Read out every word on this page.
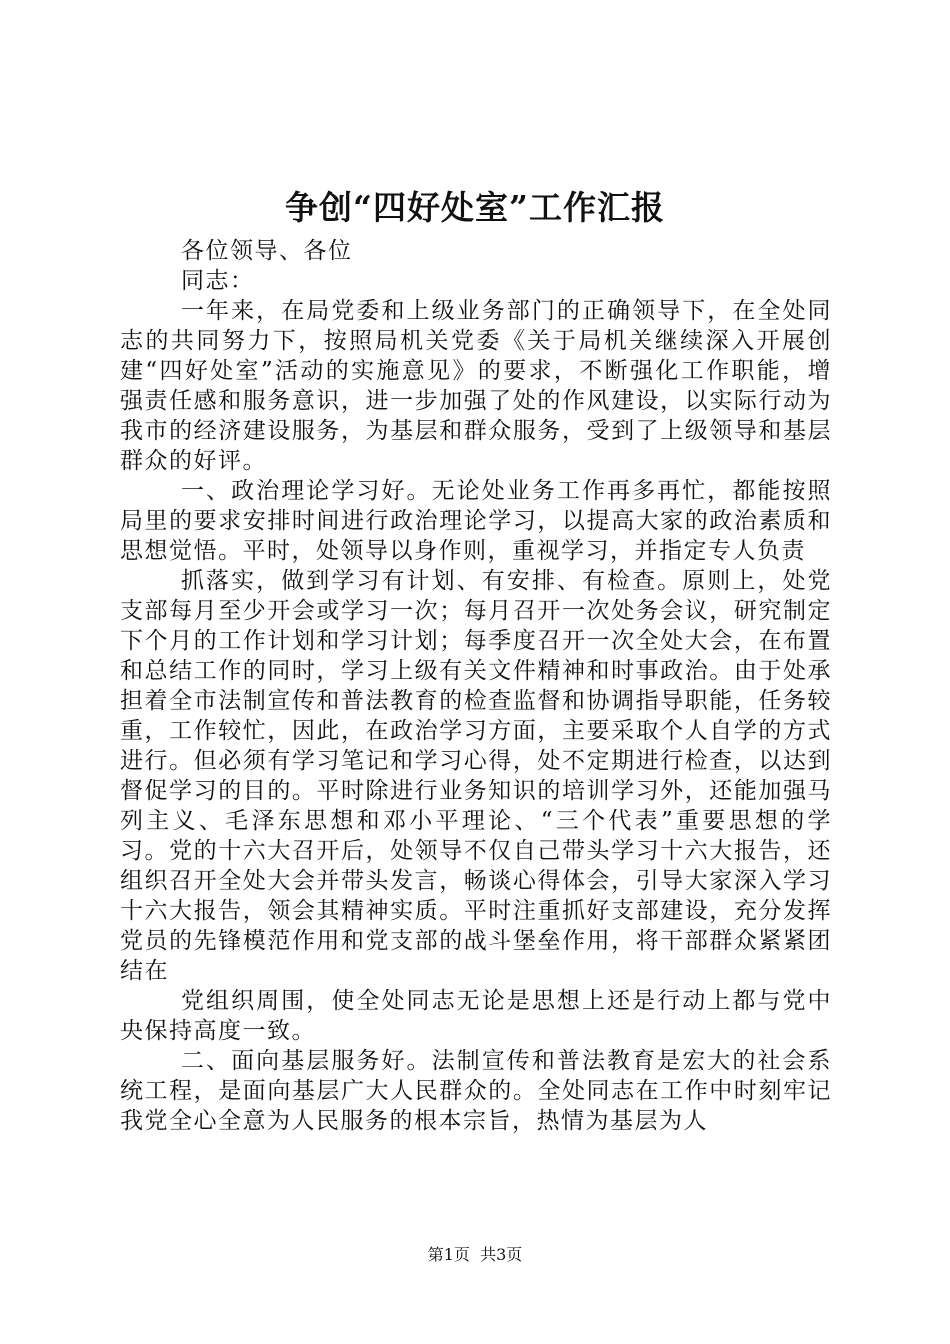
争创“四好处室”工作汇报

各位领导、各位

同志：

一年来，在局党委和上级业务部门的正确领导下，在全处同志的共同努力下，按照局机关党委《关于局机关继续深入开展创建“四好处室”活动的实施意见》的要求，不断强化工作职能，增强责任感和服务意识，进一步加强了处的作风建设，以实际行动为我市的经济建设服务，为基层和群众服务，受到了上级领导和基层群众的好评。

一、政治理论学习好。无论处业务工作再多再忙，都能按照局里的要求安排时间进行政治理论学习，以提高大家的政治素质和思想觉悟。平时，处领导以身作则，重视学习，并指定专人负责

抓落实，做到学习有计划、有安排、有检查。原则上，处党支部每月至少开会或学习一次；每月召开一次处务会议，研究制定下个月的工作计划和学习计划；每季度召开一次全处大会，在布置和总结工作的同时，学习上级有关文件精神和时事政治。由于处承担着全市法制宣传和普法教育的检查监督和协调指导职能，任务较重，工作较忙，因此，在政治学习方面，主要采取个人自学的方式进行。但必须有学习笔记和学习心得，处不定期进行检查，以达到督促学习的目的。平时除进行业务知识的培训学习外，还能加强马列主义、毛泽东思想和邓小平理论、“三个代表”重要思想的学习。党的十六大召开后，处领导不仅自己带头学习十六大报告，还组织召开全处大会并带头发言，畅谈心得体会，引导大家深入学习十六大报告，领会其精神实质。平时注重抓好支部建设，充分发挥党员的先锋模范作用和党支部的战斗堡垒作用，将干部群众紧紧团结在

党组织周围，使全处同志无论是思想上还是行动上都与党中央保持高度一致。

二、面向基层服务好。法制宣传和普法教育是宏大的社会系统工程，是面向基层广大人民群众的。全处同志在工作中时刻牢记我党全心全意为人民服务的根本宗旨，热情为基层为人

第1页  共3页
